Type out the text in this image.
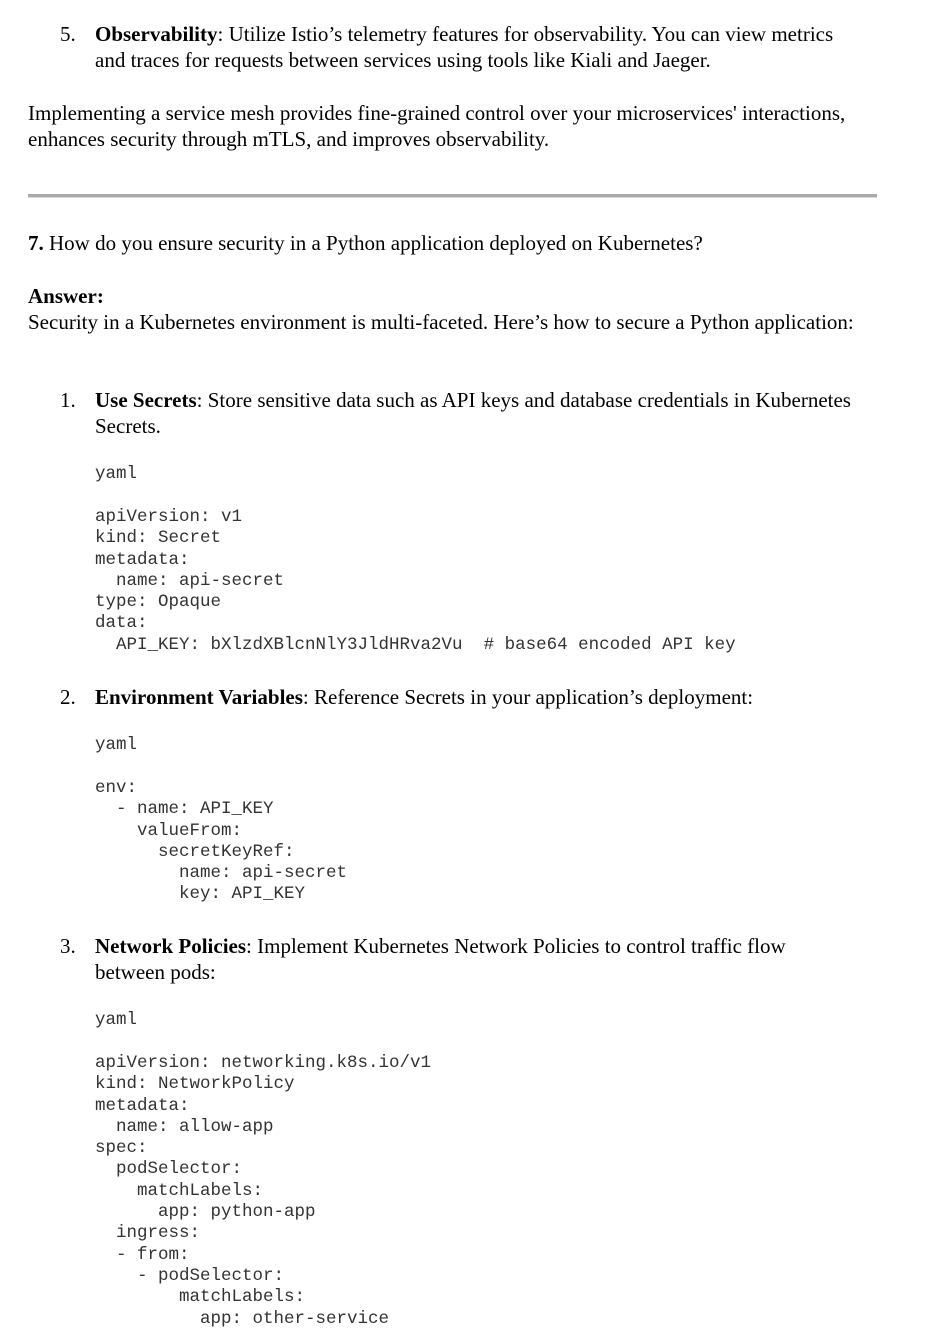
5. Observability: Utilize Istio’s telemetry features for observability. You can view metrics and traces for requests between services using tools like Kiali and Jaeger.
Implementing a service mesh provides fine-grained control over your microservices' interactions, enhances security through mTLS, and improves observability.
7. How do you ensure security in a Python application deployed on Kubernetes?
Answer:
Security in a Kubernetes environment is multi-faceted. Here’s how to secure a Python application:
1. Use Secrets: Store sensitive data such as API keys and database credentials in Kubernetes Secrets.
yaml
apiVersion: v1
kind: Secret
metadata:
name: api-secret
type: Opaque
data:
API_KEY: bXlzdXBlcnNlY3JldHRva2Vu  # base64 encoded API key
2. Environment Variables: Reference Secrets in your application’s deployment:
yaml
env:
- name: API_KEY
valueFrom:
secretKeyRef:
name: api-secret
key: API_KEY
3. Network Policies: Implement Kubernetes Network Policies to control traffic flow between pods:
yaml
apiVersion: networking.k8s.io/v1
kind: NetworkPolicy
metadata:
name: allow-app
spec:
podSelector:
matchLabels:
app: python-app
ingress:
- from:
- podSelector:
matchLabels:
app: other-service
